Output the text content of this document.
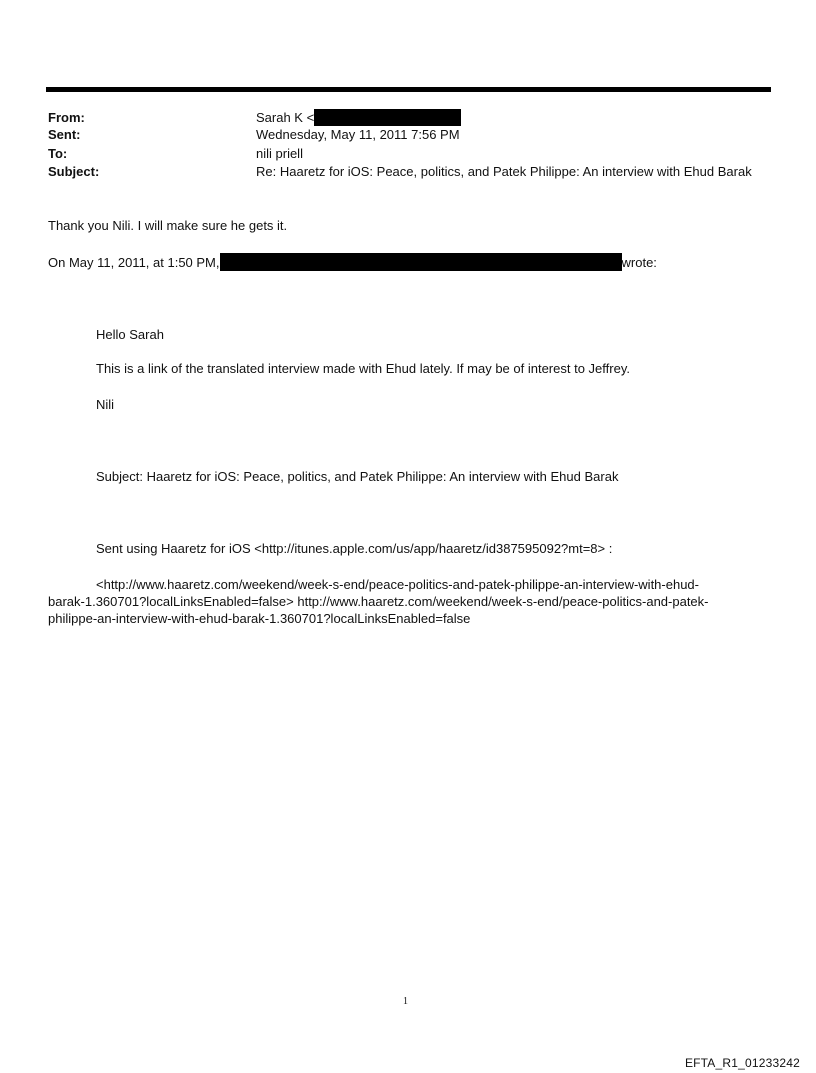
From:	Sarah K <
Sent:	Wednesday, May 11, 2011 7:56 PM
To:	nili priell
Subject:	Re: Haaretz for iOS: Peace, politics, and Patek Philippe: An interview with Ehud Barak
Thank you Nili. I will make sure he gets it.
On May 11, 2011, at 1:50 PM,	wrote:
Hello Sarah
This is a link of the translated interview made with Ehud lately. If may be of interest to Jeffrey.
Nili
Subject: Haaretz for iOS: Peace, politics, and Patek Philippe: An interview with Ehud Barak
Sent using Haaretz for iOS <http://itunes.apple.com/us/app/haaretz/id387595092?mt=8> :
<http://www.haaretz.com/weekend/week-s-end/peace-politics-and-patek-philippe-an-interview-with-ehud-
barak-1.360701?localLinksEnabled=false> http://www.haaretz.com/weekend/week-s-end/peace-politics-and-patek-
philippe-an-interview-with-ehud-barak-1.360701?localLinksEnabled=false
1
EFTA_R1_01233242
